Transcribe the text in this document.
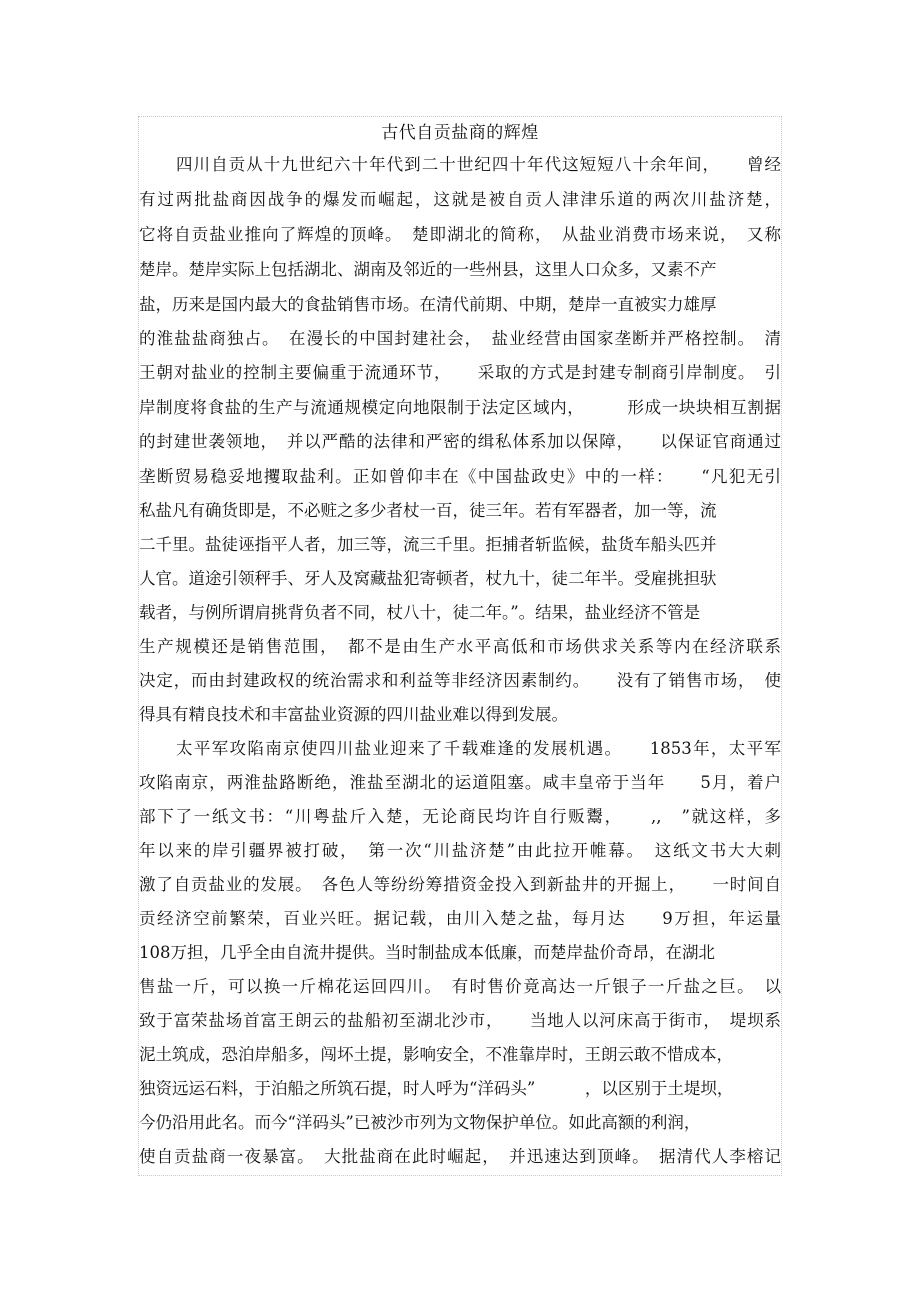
古代自贡盐商的辉煌
四川自贡从十九世纪六十年代到二十世纪四十年代这短短八十余年间，　　曾经
有过两批盐商因战争的爆发而崛起，这就是被自贡人津津乐道的两次川盐济楚，
它将自贡盐业推向了辉煌的顶峰。　楚即湖北的简称，　从盐业消费市场来说，　又称
楚岸。楚岸实际上包括湖北、湖南及邻近的一些州县，这里人口众多，又素不产
盐，历来是国内最大的食盐销售市场。在清代前期、中期，楚岸一直被实力雄厚
的淮盐盐商独占。　在漫长的中国封建社会，　盐业经营由国家垄断并严格控制。　清
王朝对盐业的控制主要偏重于流通环节，　　采取的方式是封建专制商引岸制度。　引
岸制度将食盐的生产与流通规模定向地限制于法定区域内，　　　形成一块块相互割据
的封建世袭领地，　并以严酷的法律和严密的缉私体系加以保障，　　以保证官商通过
垄断贸易稳妥地攫取盐利。正如曾仰丰在《中国盐政史》中的一样：　　“凡犯无引
私盐凡有确货即是，不必赃之多少者杖一百，徒三年。若有军器者，加一等，流
二千里。盐徒诬指平人者，加三等，流三千里。拒捕者斩监候，盐货车船头匹并
人官。道途引领秤手、牙人及窝藏盐犯寄顿者，杖九十，徒二年半。受雇挑担驮
载者，与例所谓肩挑背负者不同，杖八十，徒二年。”。结果，盐业经济不管是
生产规模还是销售范围，　都不是由生产水平高低和市场供求关系等内在经济联系
决定，而由封建政权的统治需求和利益等非经济因素制约。　　没有了销售市场，　使
得具有精良技术和丰富盐业资源的四川盐业难以得到发展。
太平军攻陷南京使四川盐业迎来了千载难逢的发展机遇。　　1853年，太平军
攻陷南京，两淮盐路断绝，淮盐至湖北的运道阻塞。咸丰皇帝于当年　　5月，着户
部下了一纸文书：“川粤盐斤入楚，无论商民均许自行贩鬻，　　,,　”就这样，多
年以来的岸引疆界被打破，　第一次“川盐济楚”由此拉开帷幕。　这纸文书大大刺
激了自贡盐业的发展。　各色人等纷纷筹措资金投入到新盐井的开掘上，　　一时间自
贡经济空前繁荣，百业兴旺。据记载，由川入楚之盐，每月达　　9万担，年运量
108万担，几乎全由自流井提供。当时制盐成本低廉，而楚岸盐价奇昂，在湖北
售盐一斤，可以换一斤棉花运回四川。　有时售价竟高达一斤银子一斤盐之巨。　以
致于富荣盐场首富王朗云的盐船初至湖北沙市，　　当地人以河床高于街市，　堤坝系
泥土筑成，恐泊岸船多，闯坏土提，影响安全，不准靠岸时，王朗云敢不惜成本，
独资远运石料，于泊船之所筑石提，时人呼为“洋码头”　　　，以区别于土堤坝，
今仍沿用此名。而今“洋码头”已被沙市列为文物保护单位。如此高额的利润，
使自贡盐商一夜暴富。　大批盐商在此时崛起，　并迅速达到顶峰。　据清代人李榕记
